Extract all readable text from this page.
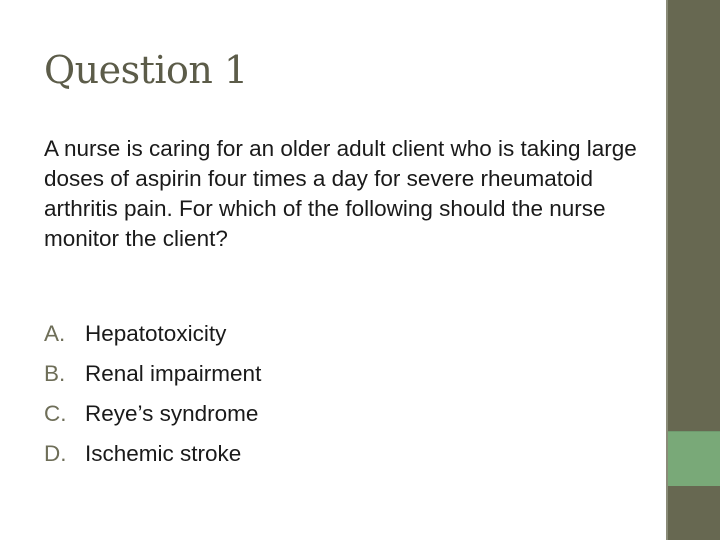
Question 1

A nurse is caring for an older adult client who is taking large doses of aspirin four times a day for severe rheumatoid arthritis pain. For which of the following should the nurse monitor the client?

A. Hepatotoxicity
B. Renal impairment
C. Reye’s syndrome
D. Ischemic stroke
